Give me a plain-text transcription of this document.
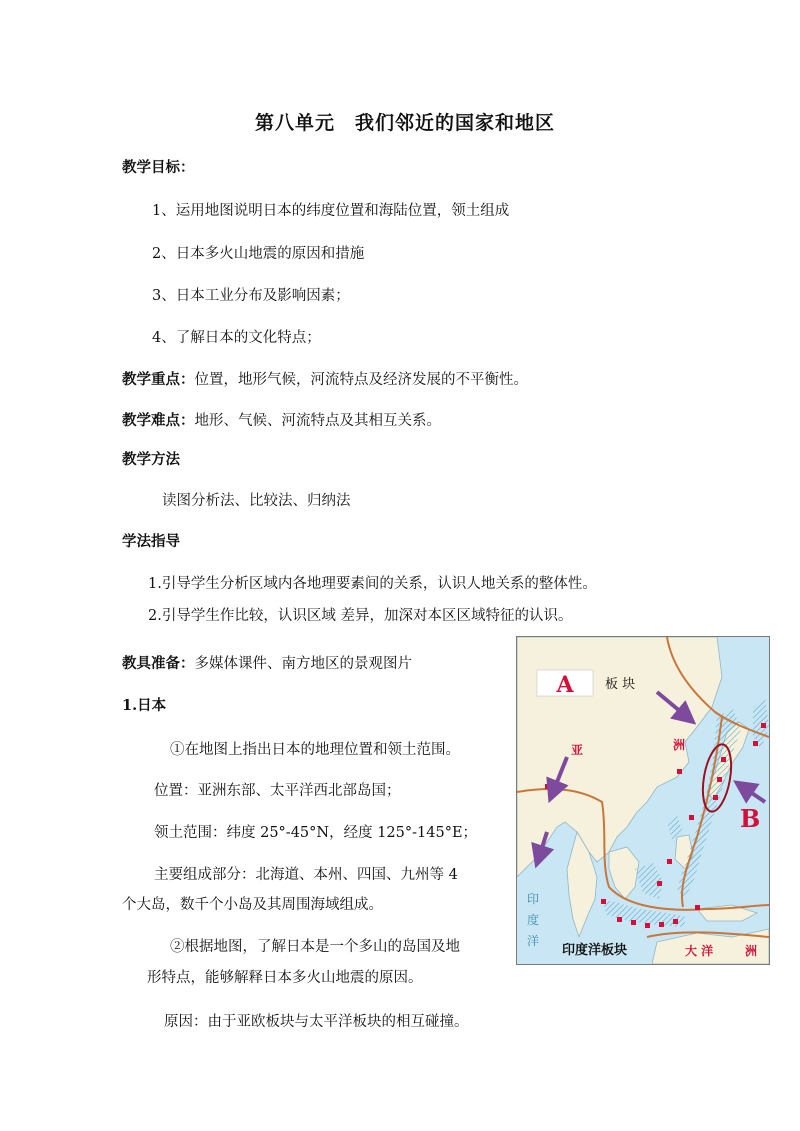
第八单元　我们邻近的国家和地区
教学目标：
1、运用地图说明日本的纬度位置和海陆位置，领土组成
2、日本多火山地震的原因和措施
3、日本工业分布及影响因素；
4、了解日本的文化特点；
教学重点：位置，地形气候，河流特点及经济发展的不平衡性。
教学难点：地形、气候、河流特点及其相互关系。
教学方法
读图分析法、比较法、归纳法
学法指导
1.引导学生分析区域内各地理要素间的关系，认识人地关系的整体性。
2.引导学生作比较，认识区域 差异，加深对本区区域特征的认识。
教具准备：多媒体课件、南方地区的景观图片
1.日本
①在地图上指出日本的地理位置和领土范围。
位置：亚洲东部、太平洋西北部岛国；
领土范围：纬度 25°-45°N，经度 125°-145°E；
主要组成部分：北海道、本州、四国、九州等 4
个大岛，数千个小岛及其周围海域组成。
②根据地图，了解日本是一个多山的岛国及地
形特点，能够解释日本多火山地震的原因。
原因：由于亚欧板块与太平洋板块的相互碰撞。
A 板 块
洲
亚
B
印
度
洋
印度洋板块	大 洋	洲
